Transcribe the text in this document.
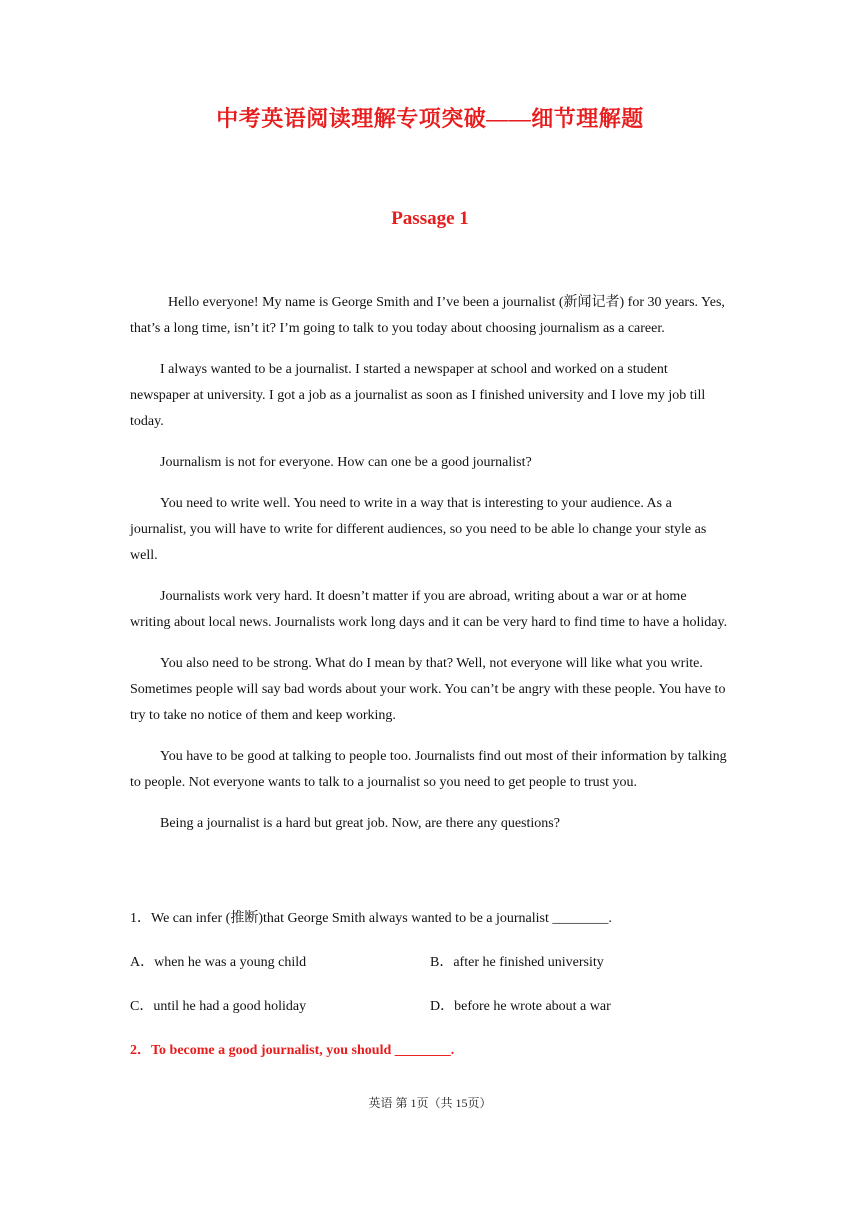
中考英语阅读理解专项突破——细节理解题
Passage 1

Hello everyone! My name is George Smith and I’ve been a journalist (新闻记者) for 30 years. Yes, that’s a long time, isn’t it? I’m going to talk to you today about choosing journalism as a career.

I always wanted to be a journalist. I started a newspaper at school and worked on a student newspaper at university. I got a job as a journalist as soon as I finished university and I love my job till today.

Journalism is not for everyone. How can one be a good journalist?

You need to write well. You need to write in a way that is interesting to your audience. As a journalist, you will have to write for different audiences, so you need to be able lo change your style as well.

Journalists work very hard. It doesn’t matter if you are abroad, writing about a war or at home writing about local news. Journalists work long days and it can be very hard to find time to have a holiday.

You also need to be strong. What do I mean by that? Well, not everyone will like what you write. Sometimes people will say bad words about your work. You can’t be angry with these people. You have to try to take no notice of them and keep working.

You have to be good at talking to people too. Journalists find out most of their information by talking to people. Not everyone wants to talk to a journalist so you need to get people to trust you.

Being a journalist is a hard but great job. Now, are there any questions?

1．We can infer (推断)that George Smith always wanted to be a journalist ________.

A．when he was a young child	B．after he finished university
C．until he had a good holiday	D．before he wrote about a war

2．To become a good journalist, you should ________.

英语 第 1页（共 15页）
